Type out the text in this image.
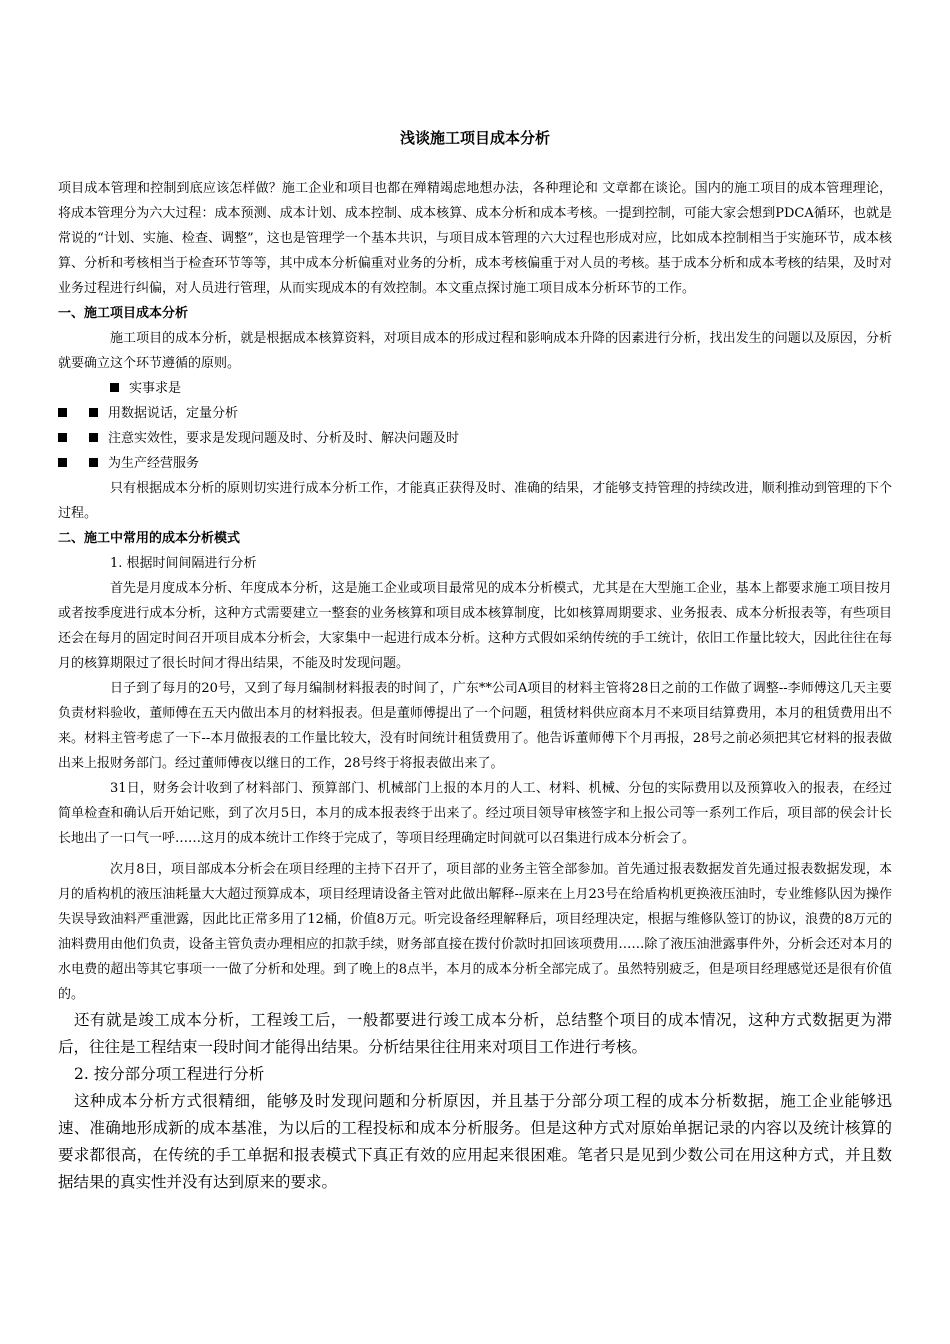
浅谈施工项目成本分析

项目成本管理和控制到底应该怎样做？施工企业和项目也都在殚精竭虑地想办法，各种理论和 文章都在谈论。国内的施工项目的成本管理理论，将成本管理分为六大过程：成本预测、成本计划、成本控制、成本核算、成本分析和成本考核。一提到控制，可能大家会想到PDCA循环，也就是常说的“计划、实施、检查、调整”，这也是管理学一个基本共识，与项目成本管理的六大过程也形成对应，比如成本控制相当于实施环节，成本核算、分析和考核相当于检查环节等等，其中成本分析偏重对业务的分析，成本考核偏重于对人员的考核。基于成本分析和成本考核的结果，及时对业务过程进行纠偏，对人员进行管理，从而实现成本的有效控制。本文重点探讨施工项目成本分析环节的工作。

一、施工项目成本分析

施工项目的成本分析，就是根据成本核算资料，对项目成本的形成过程和影响成本升降的因素进行分析，找出发生的问题以及原因，分析就要确立这个环节遵循的原则。

实事求是
用数据说话，定量分析
注意实效性，要求是发现问题及时、分析及时、解决问题及时
为生产经营服务

只有根据成本分析的原则切实进行成本分析工作，才能真正获得及时、准确的结果，才能够支持管理的持续改进，顺利推动到管理的下个过程。

二、施工中常用的成本分析模式
1. 根据时间间隔进行分析

首先是月度成本分析、年度成本分析，这是施工企业或项目最常见的成本分析模式，尤其是在大型施工企业，基本上都要求施工项目按月或者按季度进行成本分析，这种方式需要建立一整套的业务核算和项目成本核算制度，比如核算周期要求、业务报表、成本分析报表等，有些项目还会在每月的固定时间召开项目成本分析会，大家集中一起进行成本分析。这种方式假如采纳传统的手工统计，依旧工作量比较大，因此往往在每月的核算期限过了很长时间才得出结果，不能及时发现问题。

日子到了每月的20号，又到了每月编制材料报表的时间了，广东**公司A项目的材料主管将28日之前的工作做了调整--李师傅这几天主要负责材料验收，董师傅在五天内做出本月的材料报表。但是董师傅提出了一个问题，租赁材料供应商本月不来项目结算费用，本月的租赁费用出不来。材料主管考虑了一下--本月做报表的工作量比较大，没有时间统计租赁费用了。他告诉董师傅下个月再报，28号之前必须把其它材料的报表做出来上报财务部门。经过董师傅夜以继日的工作，28号终于将报表做出来了。

31日，财务会计收到了材料部门、预算部门、机械部门上报的本月的人工、材料、机械、分包的实际费用以及预算收入的报表，在经过简单检查和确认后开始记账，到了次月5日，本月的成本报表终于出来了。经过项目领导审核签字和上报公司等一系列工作后，项目部的侯会计长长地出了一口气一呼……这月的成本统计工作终于完成了，等项目经理确定时间就可以召集进行成本分析会了。

次月8日，项目部成本分析会在项目经理的主持下召开了，项目部的业务主管全部参加。首先通过报表数据发首先通过报表数据发现，本月的盾构机的液压油耗量大大超过预算成本，项目经理请设备主管对此做出解释--原来在上月23号在给盾构机更换液压油时，专业维修队因为操作失误导致油料严重泄露，因此比正常多用了12桶，价值8万元。听完设备经理解释后，项目经理决定，根据与维修队签订的协议，浪费的8万元的油料费用由他们负责，设备主管负责办理相应的扣款手续，财务部直接在拨付价款时扣回该项费用……除了液压油泄露事件外，分析会还对本月的水电费的超出等其它事项一一做了分析和处理。到了晚上的8点半，本月的成本分析全部完成了。虽然特别疲乏，但是项目经理感觉还是很有价值的。

还有就是竣工成本分析，工程竣工后，一般都要进行竣工成本分析，总结整个项目的成本情况，这种方式数据更为滞后，往往是工程结束一段时间才能得出结果。分析结果往往用来对项目工作进行考核。

2. 按分部分项工程进行分析

这种成本分析方式很精细，能够及时发现问题和分析原因，并且基于分部分项工程的成本分析数据，施工企业能够迅速、准确地形成新的成本基准，为以后的工程投标和成本分析服务。但是这种方式对原始单据记录的内容以及统计核算的要求都很高，在传统的手工单据和报表模式下真正有效的应用起来很困难。笔者只是见到少数公司在用这种方式，并且数据结果的真实性并没有达到原来的要求。
